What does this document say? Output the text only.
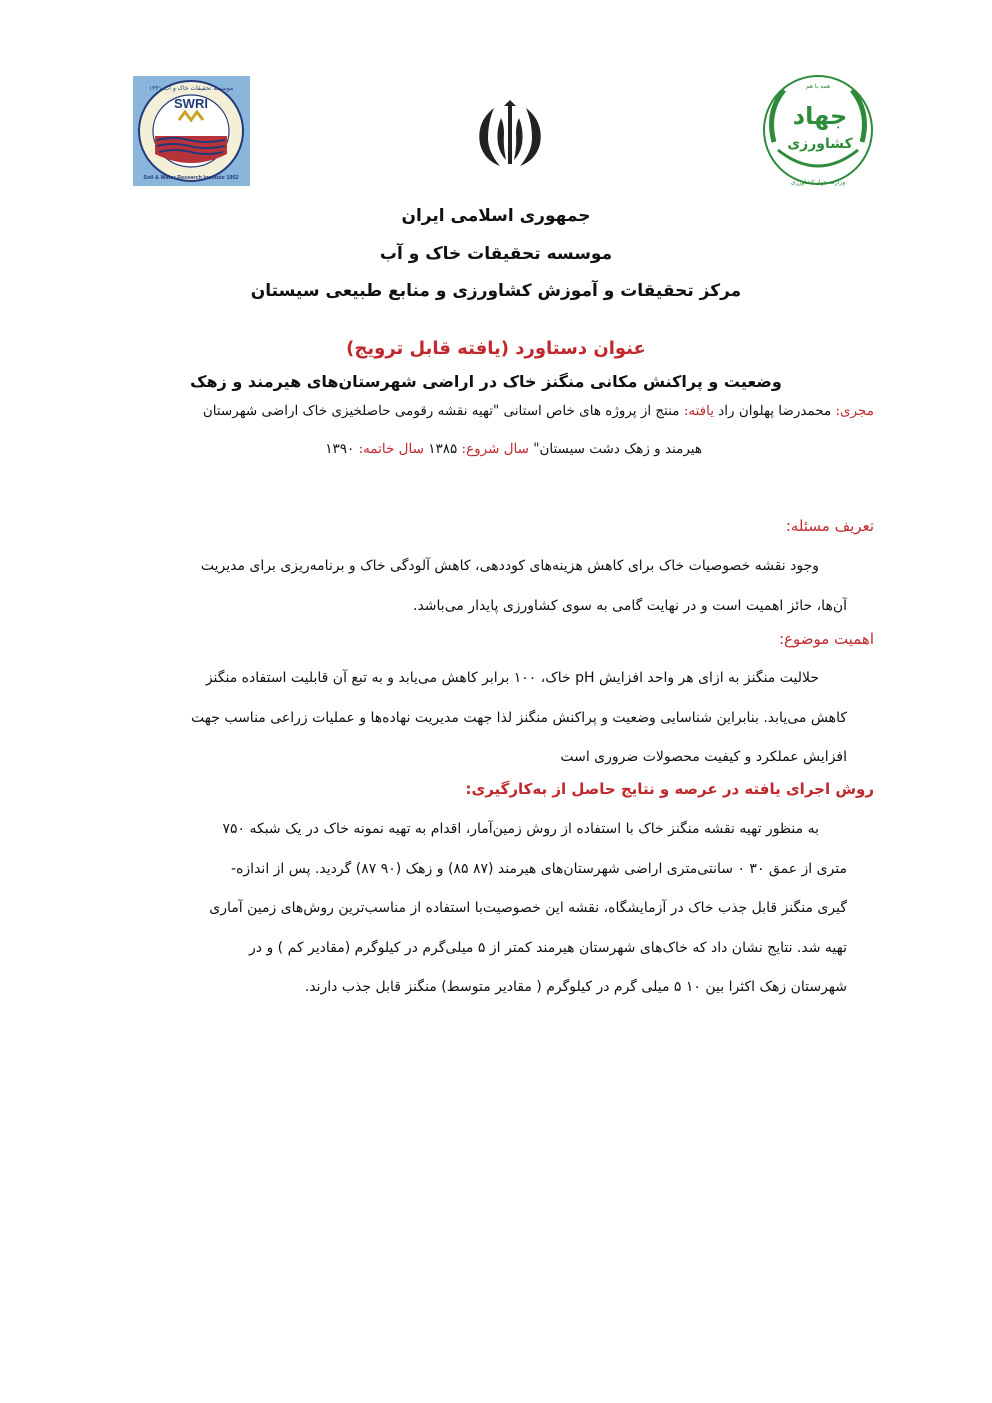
SWRI
موسسه تحقیقات خاک و آب ۱۳۳۱
Soil & Water Research Institute 1952
همه با هم
جهاد
کشاورزی
وزارت جهاد کشاورزی
جمهوری اسلامی ایران
موسسه تحقیقات خاک و آب
مرکز تحقیقات و آموزش کشاورزی و منابع طبیعی سیستان
عنوان دستاورد (یافته قابل ترویج)
وضعیت و پراکنش مکانی منگنز خاک در اراضی شهرستان‌های هیرمند و زهک
مجری: محمدرضا پهلوان راد یافته: منتج از پروژه های خاص استانی "تهیه نقشه رقومی حاصلخیزی خاک اراضی شهرستان
هیرمند و زهک دشت سیستان" سال شروع: ۱۳۸۵ سال خاتمه: ۱۳۹۰
تعریف مسئله:
وجود نقشه خصوصیات خاک برای کاهش هزینه‌های کوددهی، کاهش آلودگی خاک و برنامه‌ریزی برای مدیریت
آن‌ها، حائز اهمیت است و در نهایت گامی به سوی کشاورزی پایدار می‌باشد.
اهمیت موضوع:
حلالیت منگنز به ازای هر واحد افزایش pH خاک، ۱۰۰ برابر کاهش می‌یابد و به تبع آن قابلیت استفاده منگنز
کاهش می‌یابد. بنابراین شناسایی وضعیت و پراکنش منگنز لذا جهت مدیریت نهاده‌ها و عملیات زراعی مناسب جهت
افزایش عملکرد و کیفیت محصولات ضروری است
روش اجرای یافته در عرصه و نتایج حاصل از به‌کارگیری:
به منظور تهیه نقشه منگنز خاک با استفاده از روش زمین‌آمار، اقدام به تهیه نمونه خاک در یک شبکه ۷۵۰
متری از عمق ۳۰ ۰ سانتی‌متری اراضی شهرستان‌های هیرمند (۸۷ ۸۵) و زهک (۹۰ ۸۷) گردید. پس از اندازه-
گیری منگنز قابل جذب خاک در آزمایشگاه، نقشه این خصوصیت‌با استفاده از مناسب‌ترین روش‌های زمین آماری
تهیه شد. نتایج نشان داد که خاک‌های شهرستان هیرمند کمتر از ۵ میلی‌گرم در کیلوگرم (مقادیر کم ) و در
شهرستان زهک اکثرا بین ۱۰ ۵ میلی گرم در کیلوگرم ( مقادیر متوسط) منگنز قابل جذب دارند.
